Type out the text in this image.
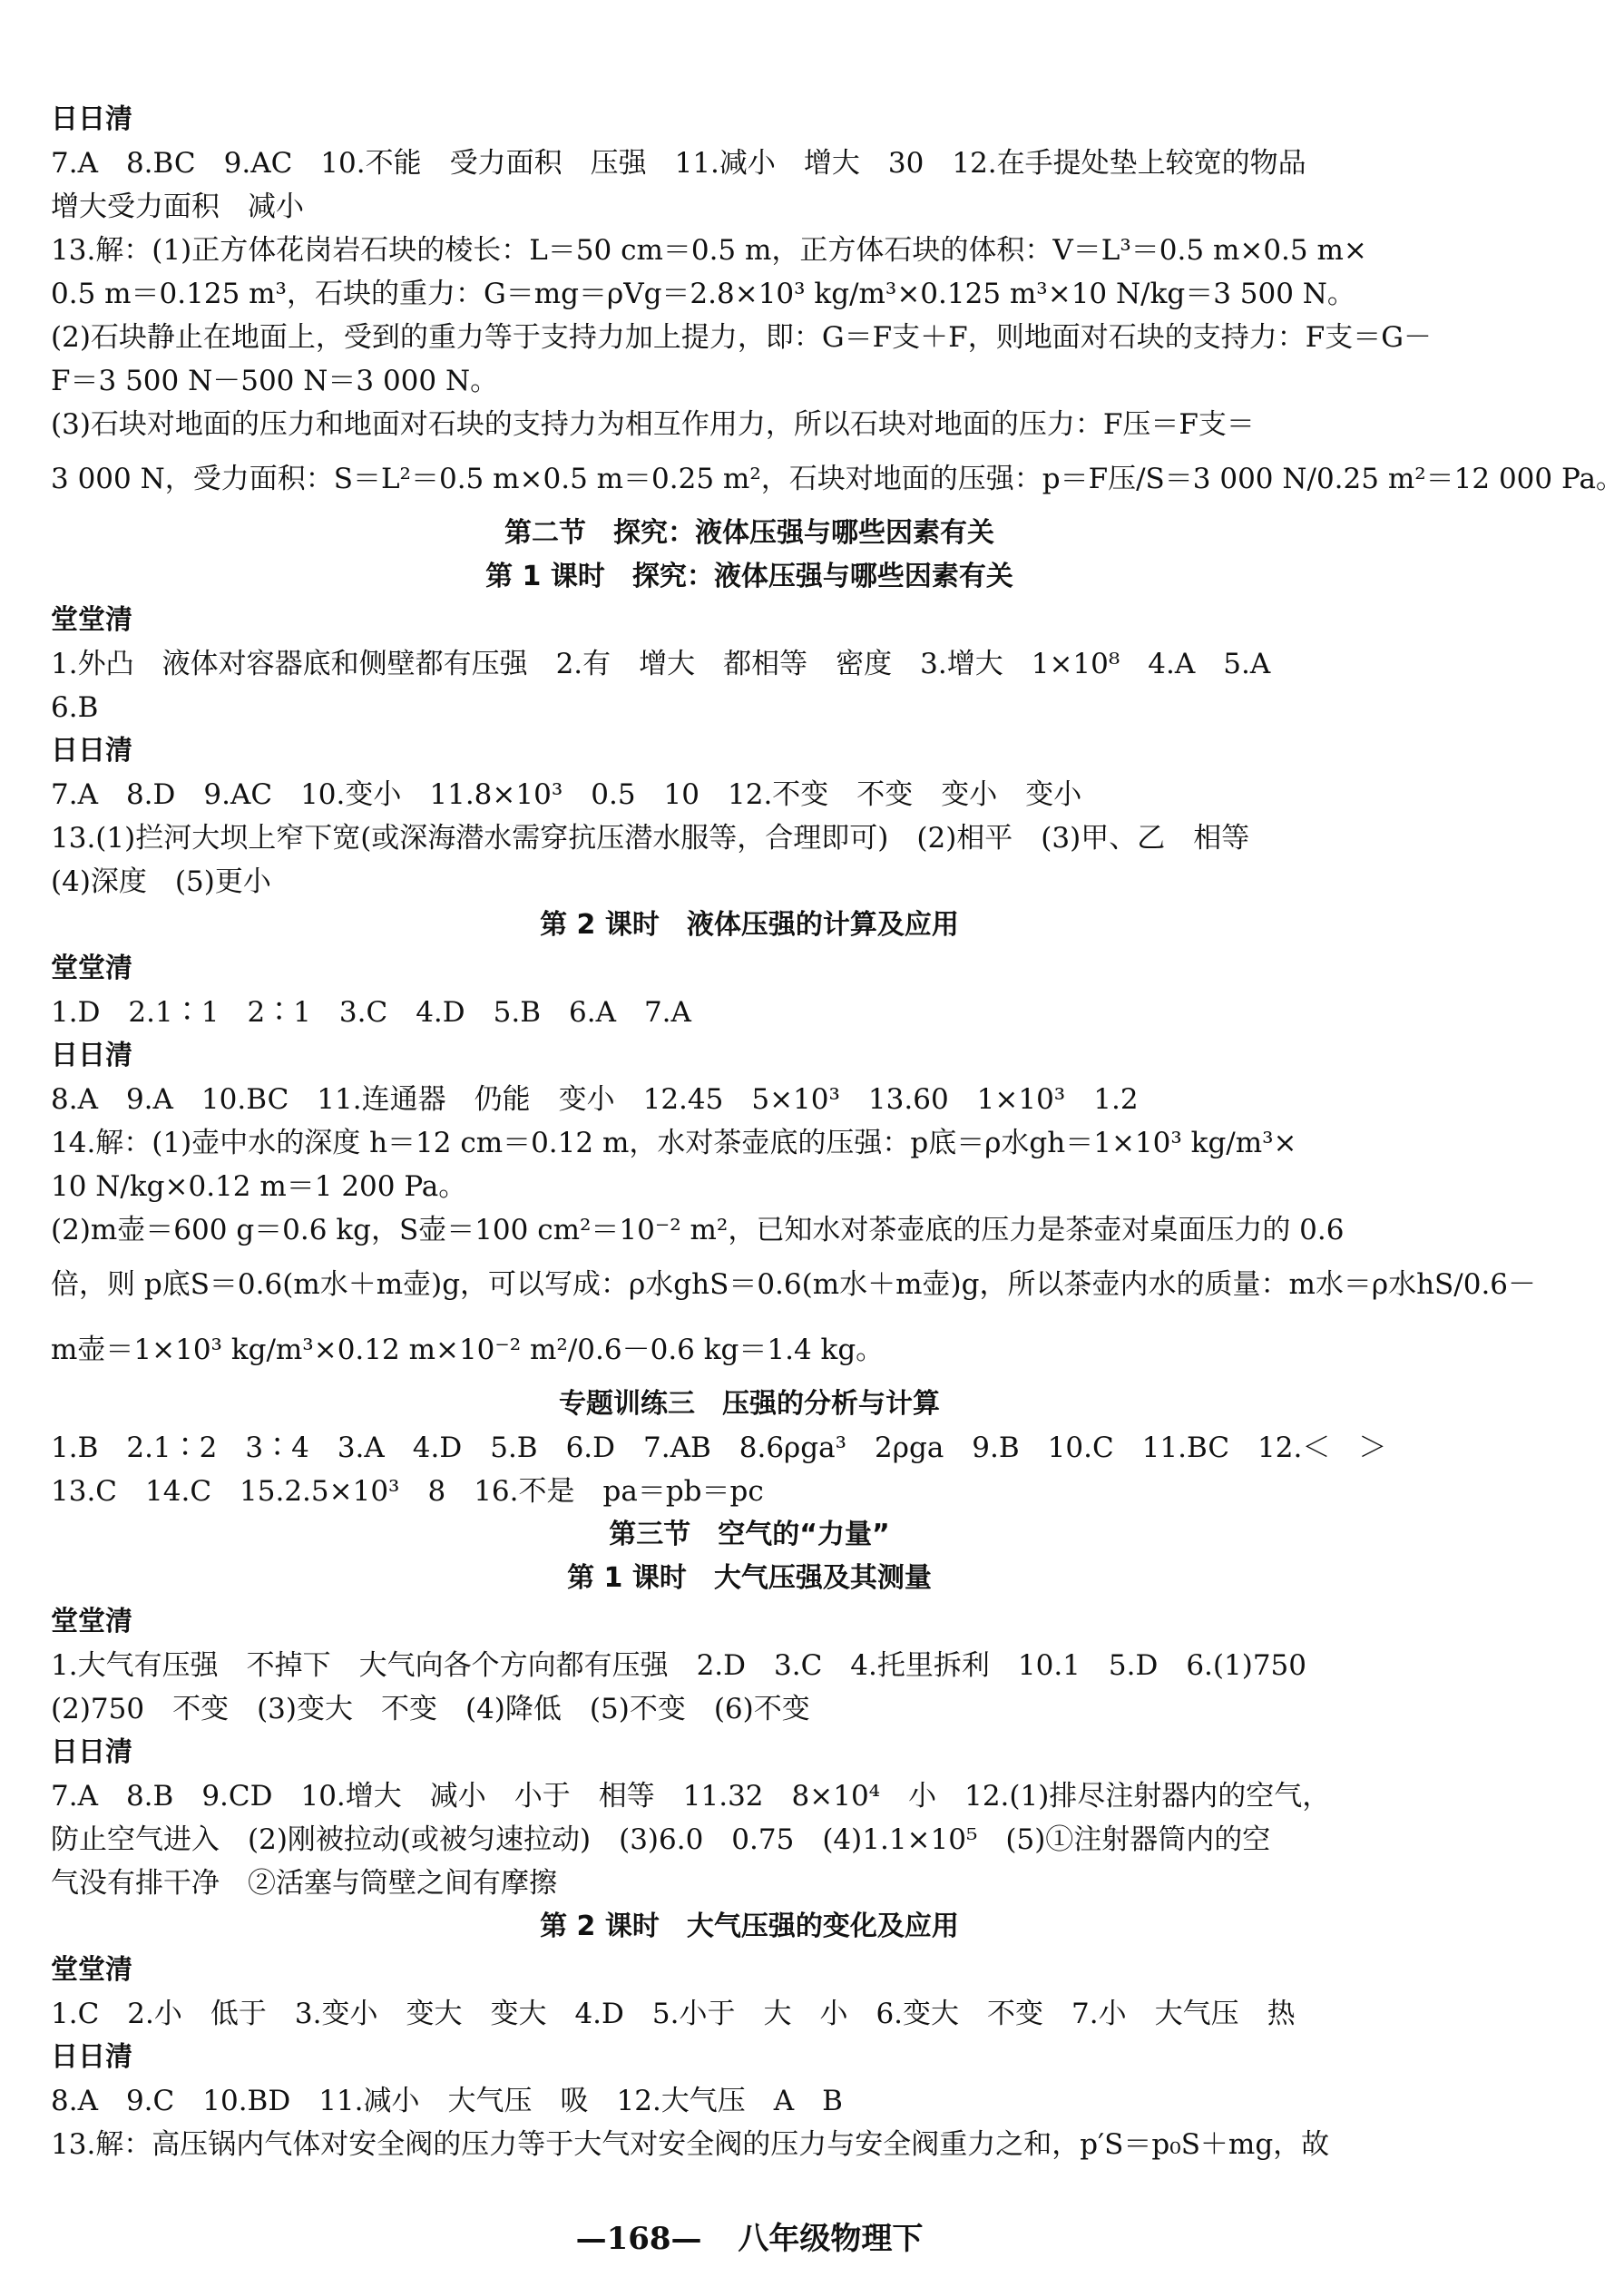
日日清
7.A　8.BC　9.AC　10.不能　受力面积　压强　11.减小　增大　30　12.在手提处垫上较宽的物品
增大受力面积　减小
13.解：(1)正方体花岗岩石块的棱长：L＝50 cm＝0.5 m，正方体石块的体积：V＝L³＝0.5 m×0.5 m×
0.5 m＝0.125 m³，石块的重力：G＝mg＝ρVg＝2.8×10³ kg/m³×0.125 m³×10 N/kg＝3 500 N。
(2)石块静止在地面上，受到的重力等于支持力加上提力，即：G＝F支＋F，则地面对石块的支持力：F支＝G－
F＝3 500 N－500 N＝3 000 N。
(3)石块对地面的压力和地面对石块的支持力为相互作用力，所以石块对地面的压力：F压＝F支＝
3 000 N，受力面积：S＝L²＝0.5 m×0.5 m＝0.25 m²，石块对地面的压强：p＝F压/S＝3 000 N/0.25 m²＝12 000 Pa。
第二节　探究：液体压强与哪些因素有关
第 1 课时　探究：液体压强与哪些因素有关
堂堂清
1.外凸　液体对容器底和侧壁都有压强　2.有　增大　都相等　密度　3.增大　1×10⁸　4.A　5.A
6.B
日日清
7.A　8.D　9.AC　10.变小　11.8×10³　0.5　10　12.不变　不变　变小　变小
13.(1)拦河大坝上窄下宽(或深海潜水需穿抗压潜水服等，合理即可)　(2)相平　(3)甲、乙　相等
(4)深度　(5)更小
第 2 课时　液体压强的计算及应用
堂堂清
1.D　2.1∶1　2∶1　3.C　4.D　5.B　6.A　7.A
日日清
8.A　9.A　10.BC　11.连通器　仍能　变小　12.45　5×10³　13.60　1×10³　1.2
14.解：(1)壶中水的深度 h＝12 cm＝0.12 m，水对茶壶底的压强：p底＝ρ水gh＝1×10³ kg/m³×
10 N/kg×0.12 m＝1 200 Pa。
(2)m壶＝600 g＝0.6 kg，S壶＝100 cm²＝10⁻² m²，已知水对茶壶底的压力是茶壶对桌面压力的 0.6
倍，则 p底S＝0.6(m水＋m壶)g，可以写成：ρ水ghS＝0.6(m水＋m壶)g，所以茶壶内水的质量：m水＝ρ水hS/0.6－
m壶＝1×10³ kg/m³×0.12 m×10⁻² m²/0.6－0.6 kg＝1.4 kg。
专题训练三　压强的分析与计算
1.B　2.1∶2　3∶4　3.A　4.D　5.B　6.D　7.AB　8.6ρga³　2ρga　9.B　10.C　11.BC　12.＜　＞
13.C　14.C　15.2.5×10³　8　16.不是　pa＝pb＝pc
第三节　空气的“力量”
第 1 课时　大气压强及其测量
堂堂清
1.大气有压强　不掉下　大气向各个方向都有压强　2.D　3.C　4.托里拆利　10.1　5.D　6.(1)750
(2)750　不变　(3)变大　不变　(4)降低　(5)不变　(6)不变
日日清
7.A　8.B　9.CD　10.增大　减小　小于　相等　11.32　8×10⁴　小　12.(1)排尽注射器内的空气，
防止空气进入　(2)刚被拉动(或被匀速拉动)　(3)6.0　0.75　(4)1.1×10⁵　(5)①注射器筒内的空
气没有排干净　②活塞与筒壁之间有摩擦
第 2 课时　大气压强的变化及应用
堂堂清
1.C　2.小　低于　3.变小　变大　变大　4.D　5.小于　大　小　6.变大　不变　7.小　大气压　热
日日清
8.A　9.C　10.BD　11.减小　大气压　吸　12.大气压　A　B
13.解：高压锅内气体对安全阀的压力等于大气对安全阀的压力与安全阀重力之和，p′S＝p₀S＋mg，故
—168— 八年级物理下
